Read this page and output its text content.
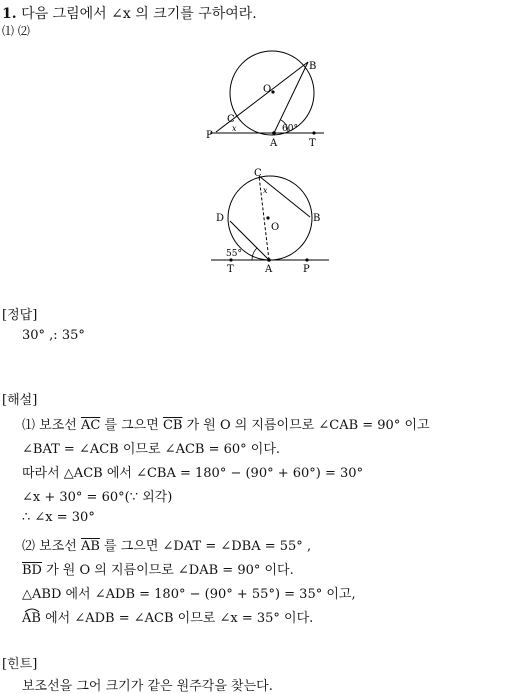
1. 다음 그림에서 ∠x 의 크기를 구하여라.
⑴ ⑵
O
B
C
P
x	60°
A	T
C
x
D
O
B
55°
T	A	P
[정답]
30° ,: 35°
[해설]
⑴ 보조선 $\overline{AC}$ 를 그으면 $\overline{CB}$ 가 원 O 의 지름이므로 ∠CAB = 90° 이고
∠BAT = ∠ACB 이므로 ∠ACB = 60° 이다.
따라서 △ACB 에서 ∠CBA = 180° − (90° + 60°) = 30°
∠x + 30° = 60°(∵ 외각)
∴ ∠x = 30°
⑵ 보조선 $\overline{AB}$ 를 그으면 ∠DAT = ∠DBA = 55° ,
$\overline{BD}$ 가 원 O 의 지름이므로 ∠DAB = 90° 이다.
△ABD 에서 ∠ADB = 180° − (90° + 55°) = 35° 이고,
AB
에서 ∠ADB = ∠ACB 이므로 ∠x = 35° 이다.
[힌트]
보조선을 그어 크기가 같은 원주각을 찾는다.
